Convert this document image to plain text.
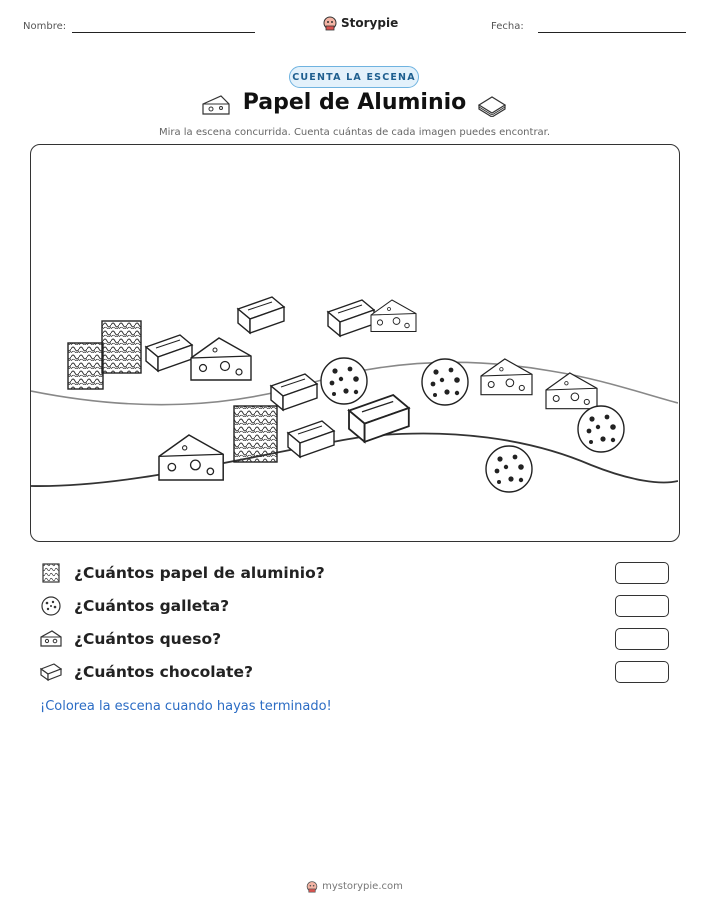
Nombre:	Storypie	Fecha:
CUENTA LA ESCENA
Papel de Aluminio
Mira la escena concurrida. Cuenta cuántas de cada imagen puedes encontrar.
¿Cuántos papel de aluminio?
¿Cuántos galleta?
¿Cuántos queso?
¿Cuántos chocolate?
¡Colorea la escena cuando hayas terminado!
mystorypie.com
